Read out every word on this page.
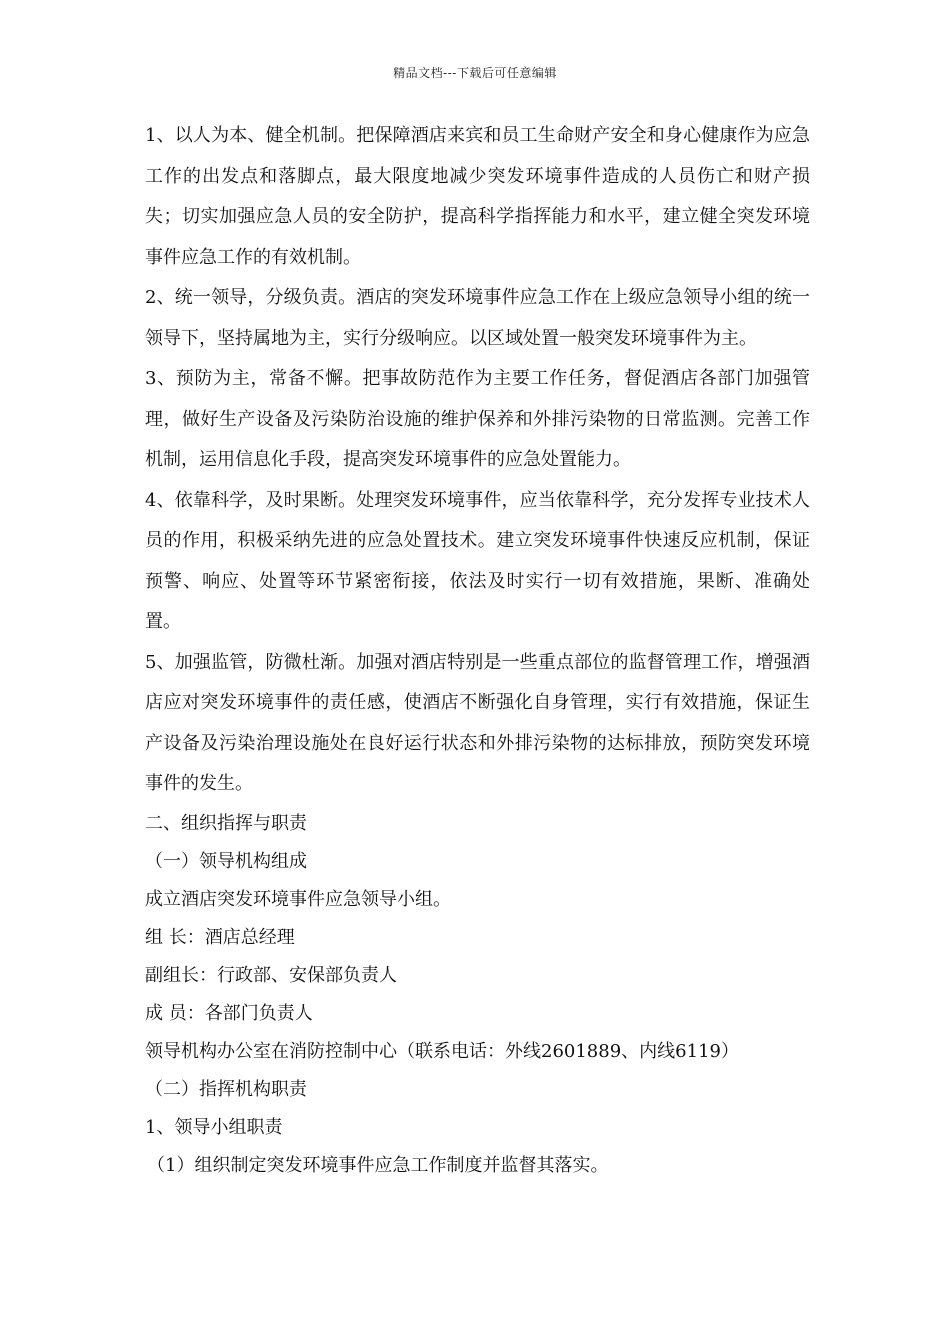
精品文档---下载后可任意编辑

1、以人为本、健全机制。把保障酒店来宾和员工生命财产安全和身心健康作为应急工作的出发点和落脚点，最大限度地减少突发环境事件造成的人员伤亡和财产损失；切实加强应急人员的安全防护，提高科学指挥能力和水平，建立健全突发环境事件应急工作的有效机制。

2、统一领导，分级负责。酒店的突发环境事件应急工作在上级应急领导小组的统一领导下，坚持属地为主，实行分级响应。以区域处置一般突发环境事件为主。

3、预防为主，常备不懈。把事故防范作为主要工作任务，督促酒店各部门加强管理，做好生产设备及污染防治设施的维护保养和外排污染物的日常监测。完善工作机制，运用信息化手段，提高突发环境事件的应急处置能力。

4、依靠科学，及时果断。处理突发环境事件，应当依靠科学，充分发挥专业技术人员的作用，积极采纳先进的应急处置技术。建立突发环境事件快速反应机制，保证预警、响应、处置等环节紧密衔接，依法及时实行一切有效措施，果断、准确处置。

5、加强监管，防微杜渐。加强对酒店特别是一些重点部位的监督管理工作，增强酒店应对突发环境事件的责任感，使酒店不断强化自身管理，实行有效措施，保证生产设备及污染治理设施处在良好运行状态和外排污染物的达标排放，预防突发环境事件的发生。

二、组织指挥与职责

（一）领导机构组成

成立酒店突发环境事件应急领导小组。

组 长：酒店总经理

副组长：行政部、安保部负责人

成 员：各部门负责人

领导机构办公室在消防控制中心（联系电话：外线2601889、内线6119）

（二）指挥机构职责

1、领导小组职责

（1）组织制定突发环境事件应急工作制度并监督其落实。
